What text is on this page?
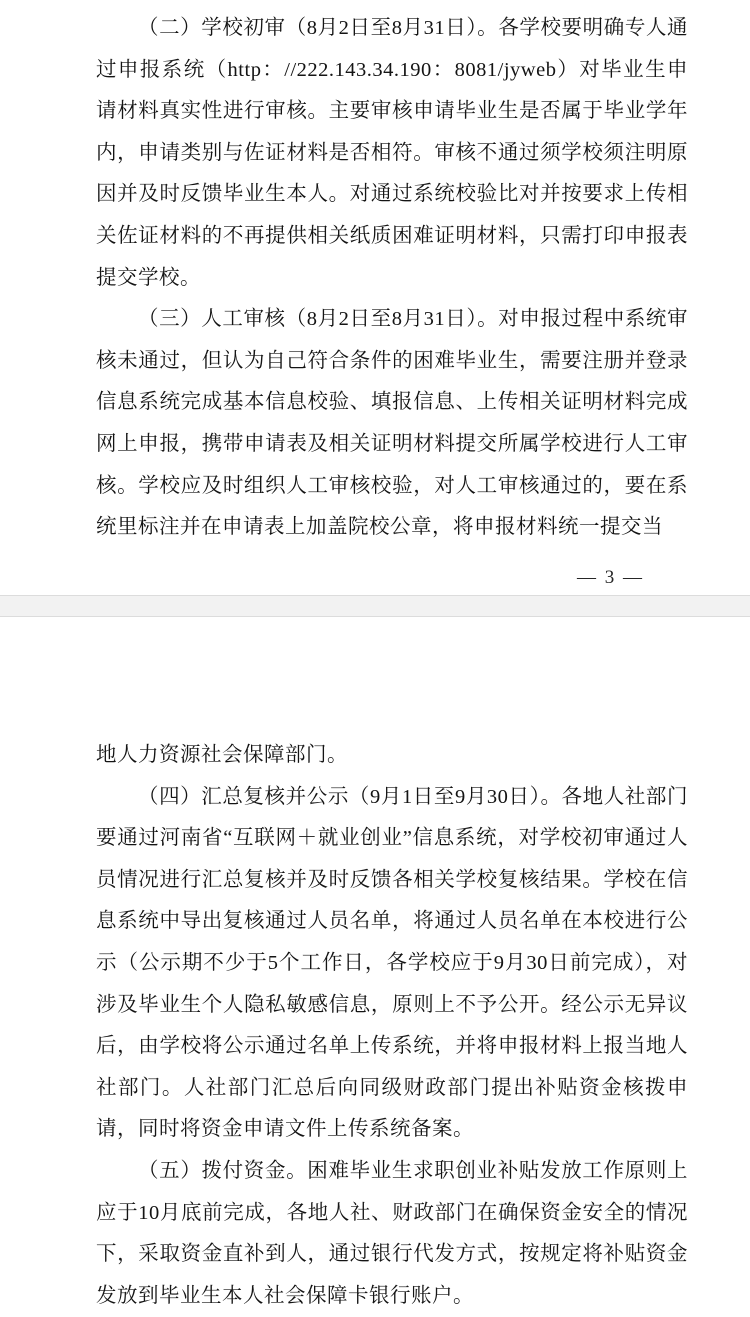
（二）学校初审（8月2日至8月31日）。各学校要明确专人通过申报系统（http：//222.143.34.190：8081/jyweb）对毕业生申请材料真实性进行审核。主要审核申请毕业生是否属于毕业学年内，申请类别与佐证材料是否相符。审核不通过须学校须注明原因并及时反馈毕业生本人。对通过系统校验比对并按要求上传相关佐证材料的不再提供相关纸质困难证明材料，只需打印申报表提交学校。

（三）人工审核（8月2日至8月31日）。对申报过程中系统审核未通过，但认为自己符合条件的困难毕业生，需要注册并登录信息系统完成基本信息校验、填报信息、上传相关证明材料完成网上申报，携带申请表及相关证明材料提交所属学校进行人工审核。学校应及时组织人工审核校验，对人工审核通过的，要在系统里标注并在申请表上加盖院校公章，将申报材料统一提交当

— 3 —

地人力资源社会保障部门。

（四）汇总复核并公示（9月1日至9月30日）。各地人社部门要通过河南省“互联网＋就业创业”信息系统，对学校初审通过人员情况进行汇总复核并及时反馈各相关学校复核结果。学校在信息系统中导出复核通过人员名单，将通过人员名单在本校进行公示（公示期不少于5个工作日，各学校应于9月30日前完成），对涉及毕业生个人隐私敏感信息，原则上不予公开。经公示无异议后，由学校将公示通过名单上传系统，并将申报材料上报当地人社部门。人社部门汇总后向同级财政部门提出补贴资金核拨申请，同时将资金申请文件上传系统备案。

（五）拨付资金。困难毕业生求职创业补贴发放工作原则上应于10月底前完成，各地人社、财政部门在确保资金安全的情况下，采取资金直补到人，通过银行代发方式，按规定将补贴资金发放到毕业生本人社会保障卡银行账户。
